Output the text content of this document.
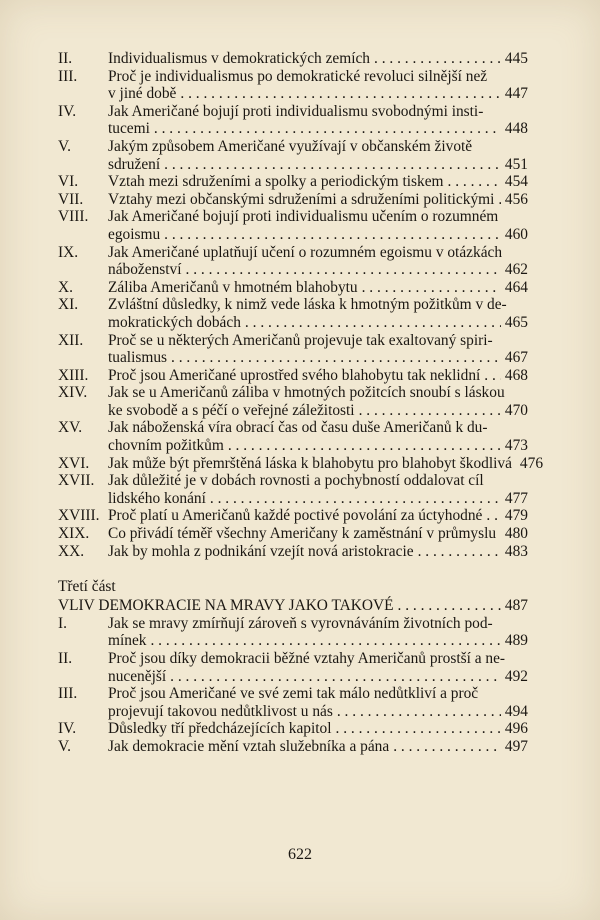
II. Individualismus v demokratických zemích . . .	445
III. Proč je individualismus po demokratické revoluci silnější než
v jiné době . . .	447
IV. Jak Američané bojují proti individualismu svobodnými insti-
tucemi . . .	448
V. Jakým způsobem Američané využívají v občanském životě
sdružení . . .	451
VI. Vztah mezi sdruženími a spolky a periodickým tiskem . . .	454
VII. Vztahy mezi občanskými sdruženími a sdruženími politickými . . . 456
VIII. Jak Američané bojují proti individualismu učením o rozumném
egoismu . . .	460
IX. Jak Američané uplatňují učení o rozumném egoismu v otázkách
náboženství . . .	462
X. Záliba Američanů v hmotném blahobytu . . .	464
XI. Zvláštní důsledky, k nimž vede láska k hmotným požitkům v de-
mokratických dobách . . .	465
XII. Proč se u některých Američanů projevuje tak exaltovaný spiri-
tualismus . . .	467
XIII. Proč jsou Američané uprostřed svého blahobytu tak neklidní . . . 468
XIV. Jak se u Američanů záliba v hmotných požitcích snoubí s láskou
ke svobodě a s péčí o veřejné záležitosti . . .	470
XV. Jak náboženská víra obrací čas od času duše Američanů k du-
chovním požitkům . . .	473
XVI. Jak může být přemrštěná láska k blahobytu pro blahobyt škodlivá 476
XVII. Jak důležité je v dobách rovnosti a pochybností oddalovat cíl
lidského konání . . .	477
XVIII. Proč platí u Američanů každé poctivé povolání za úctyhodné . . . 479
XIX. Co přivádí téměř všechny Američany k zaměstnání v průmyslu . . . 480
XX. Jak by mohla z podnikání vzejít nová aristokracie . . .	483
Třetí část
VLIV DEMOKRACIE NA MRAVY JAKO TAKOVÉ . . .	487
I.	Jak se mravy zmírňují zároveň s vyrovnáváním životních pod-
mínek . . .	489
II. Proč jsou díky demokracii běžné vztahy Američanů prostší a ne-
nucenější . . .	492
III. Proč jsou Američané ve své zemi tak málo nedůtkliví a proč
projevují takovou nedůtklivost u nás . . .	494
IV. Důsledky tří předcházejících kapitol . . .	496
V. Jak demokracie mění vztah služebníka a pána . . .	497
622
